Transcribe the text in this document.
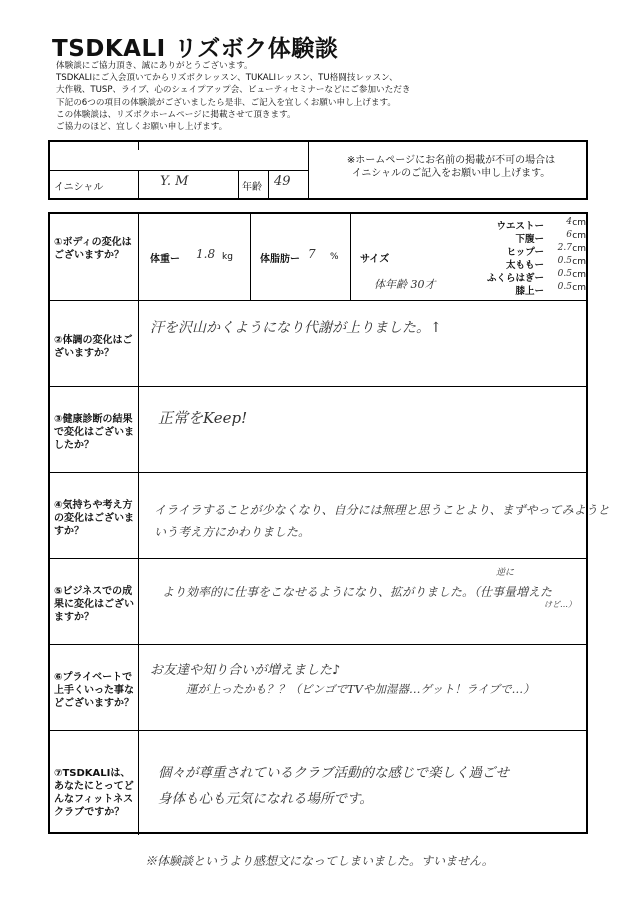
TSDKALI リズボク体験談
体験談にご協力頂き、誠にありがとうございます。
TSDKALIにご入会頂いてからリズボクレッスン、TUKALIレッスン、TU格闘技レッスン、
大作戦、TUSP、ライブ、心のシェイプアップ会、ビューティセミナーなどにご参加いただき
下記の6つの項目の体験談がございましたら是非、ご記入を宜しくお願い申し上げます。
この体験談は、リズボクホームページに掲載させて頂きます。
ご協力のほど、宜しくお願い申し上げます。
イニシャル	Y. M	年齢 49
※ホームページにお名前の掲載が不可の場合は
イニシャルのご記入をお願い申し上げます。
①ボディの変化はございますか？	体重ー 1.8 kg	体脂肪ー 7 % サイズ
体年齢 30才
ウエストー 4 cm
下腹ー 6 cm
ヒップー 2.7 cm
太ももー 0.5 cm
ふくらはぎー 0.5 cm
膝上ー 0.5 cm
②体調の変化はございますか？
汗を沢山かくようになり代謝が上りました。↑
③健康診断の結果で変化はございましたか？
正常をKeep!
④気持ちや考え方の変化はございますか？
イライラすることが少なくなり、自分には無理と思うことより、まずやってみようと
いう考え方にかわりました。
⑤ビジネスでの成果に変化はございますか？
より効率的に仕事をこなせるようになり、拡がりました。（仕事量増えた
逆に
けど…）
⑥プライベートで上手くいった事などございますか？
お友達や知り合いが増えました♪
運が上ったかも？？（ビンゴでTVや加湿器…ゲット！ライブで…）
⑦TSDKALIは、あなたにとってどんなフィットネスクラブですか？
個々が尊重されているクラブ活動的な感じで楽しく過ごせ
身体も心も元気になれる場所です。
※体験談というより感想文になってしまいました。すいません。
